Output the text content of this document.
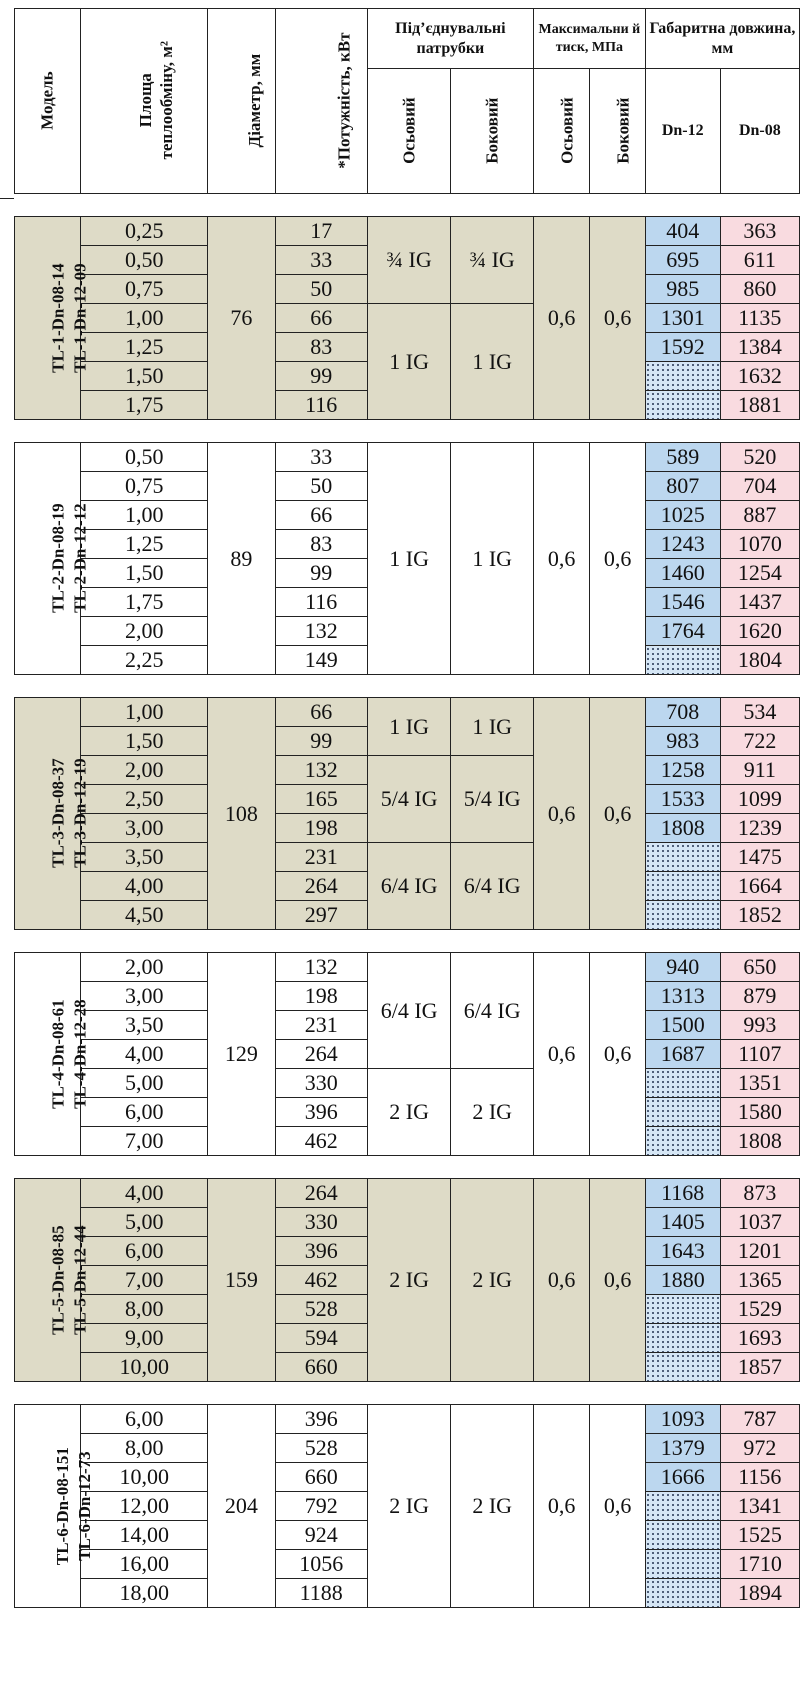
Модель	Площа теплообміну, м²	Діаметр, мм	*Потужність, кВт	Під’єднувальні патрубки		Максимальни й тиск, МПа		Габаритна довжина, мм	
				Осьовий	Боковий	Осьовий	Боковий	Dn-12	Dn-08

TL-1-Dn-08-14 TL-1-Dn-12-09	0,25	76	17	¾ IG	¾ IG	0,6	0,6	404	363
	0,50		33					695	611
	0,75		50					985	860
	1,00		66	1 IG	1 IG			1301	1135
	1,25		83					1592	1384
	1,50		99						1632
	1,75		116						1881

TL-2-Dn-08-19 TL-2-Dn-12-12	0,50	89	33	1 IG	1 IG	0,6	0,6	589	520
	0,75		50					807	704
	1,00		66					1025	887
	1,25		83					1243	1070
	1,50		99					1460	1254
	1,75		116					1546	1437
	2,00		132					1764	1620
	2,25		149						1804

TL-3-Dn-08-37 TL-3-Dn-12-19	1,00	108	66	1 IG	1 IG	0,6	0,6	708	534
	1,50		99					983	722
	2,00		132	5/4 IG	5/4 IG			1258	911
	2,50		165					1533	1099
	3,00		198					1808	1239
	3,50		231	6/4 IG	6/4 IG				1475
	4,00		264						1664
	4,50		297						1852

TL-4-Dn-08-61 TL-4-Dn-12-28	2,00	129	132	6/4 IG	6/4 IG	0,6	0,6	940	650
	3,00		198					1313	879
	3,50		231					1500	993
	4,00		264					1687	1107
	5,00		330	2 IG	2 IG				1351
	6,00		396						1580
	7,00		462						1808

TL-5-Dn-08-85 TL-5-Dn-12-44	4,00	159	264	2 IG	2 IG	0,6	0,6	1168	873
	5,00		330					1405	1037
	6,00		396					1643	1201
	7,00		462					1880	1365
	8,00		528						1529
	9,00		594						1693
	10,00		660						1857

TL-6-Dn-08-151 TL-6-Dn-12-73	6,00	204	396	2 IG	2 IG	0,6	0,6	1093	787
	8,00		528					1379	972
	10,00		660					1666	1156
	12,00		792						1341
	14,00		924						1525
	16,00		1056						1710
	18,00		1188						1894
